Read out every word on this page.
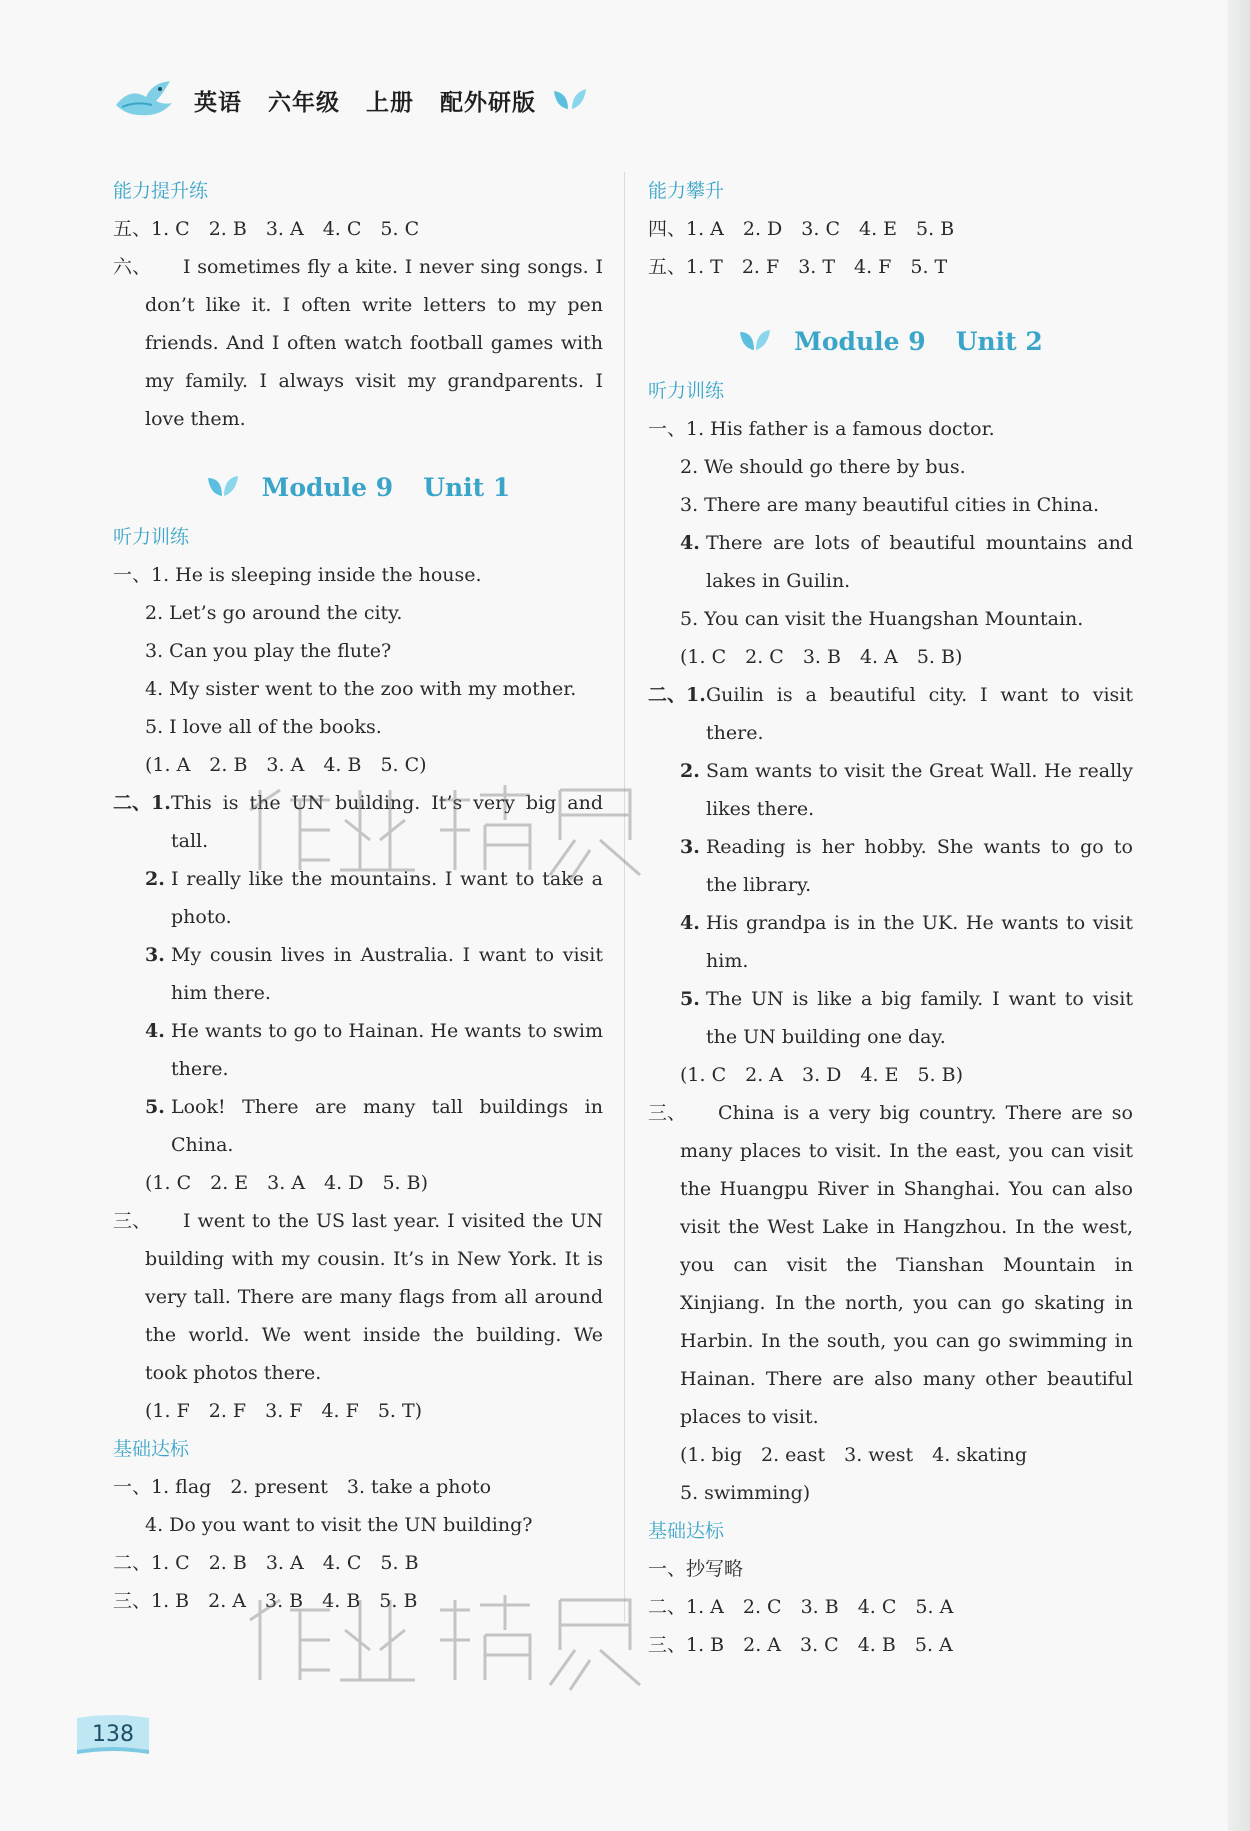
英语 六年级 上册 配外研版
能力提升练
五、1. C　2. B　3. A　4. C　5. C
六、	I sometimes fly a kite. I never sing songs. I don’t like it. I often write letters to my pen friends. And I often watch football games with my family. I always visit my grandparents. I love them.
Module 9 Unit 1
听力训练
一、1. He is sleeping inside the house.
2. Let’s go around the city.
3. Can you play the flute?
4. My sister went to the zoo with my mother.
5. I love all of the books.
(1. A　2. B　3. A　4. B　5. C)
二、1. This is the UN building. It’s very big and tall.
2. I really like the mountains. I want to take a photo.
3. My cousin lives in Australia. I want to visit him there.
4. He wants to go to Hainan. He wants to swim there.
5. Look! There are many tall buildings in China.
(1. C　2. E　3. A　4. D　5. B)
三、	I went to the US last year. I visited the UN building with my cousin. It’s in New York. It is very tall. There are many flags from all around the world. We went inside the building. We took photos there.
(1. F　2. F　3. F　4. F　5. T)
基础达标
一、1. flag　2. present　3. take a photo
4. Do you want to visit the UN building?
二、1. C　2. B　3. A　4. C　5. B
三、1. B　2. A　3. B　4. B　5. B
能力攀升
四、1. A　2. D　3. C　4. E　5. B
五、1. T　2. F　3. T　4. F　5. T
Module 9 Unit 2
听力训练
一、1. His father is a famous doctor.
2. We should go there by bus.
3. There are many beautiful cities in China.
4. There are lots of beautiful mountains and lakes in Guilin.
5. You can visit the Huangshan Mountain.
(1. C　2. C　3. B　4. A　5. B)
二、1. Guilin is a beautiful city. I want to visit there.
2. Sam wants to visit the Great Wall. He really likes there.
3. Reading is her hobby. She wants to go to the library.
4. His grandpa is in the UK. He wants to visit him.
5. The UN is like a big family. I want to visit the UN building one day.
(1. C　2. A　3. D　4. E　5. B)
三、	China is a very big country. There are so many places to visit. In the east, you can visit the Huangpu River in Shanghai. You can also visit the West Lake in Hangzhou. In the west, you can visit the Tianshan Mountain in Xinjiang. In the north, you can go skating in Harbin. In the south, you can go swimming in Hainan. There are also many other beautiful places to visit.
(1. big　2. east　3. west　4. skating
5. swimming)
基础达标
一、抄写略
二、1. A　2. C　3. B　4. C　5. A
三、1. B　2. A　3. C　4. B　5. A
138
